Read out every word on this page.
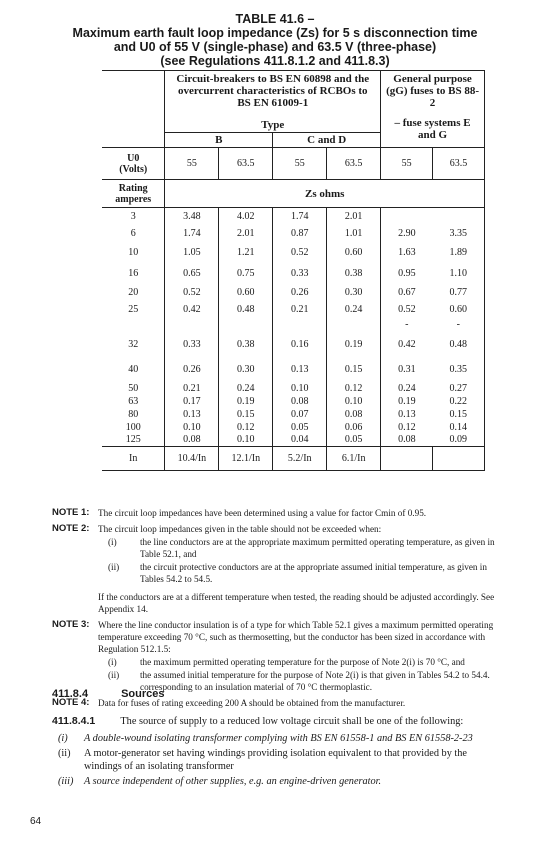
TABLE 41.6 –
Maximum earth fault loop impedance (Zs) for 5 s disconnection time
and U0 of 55 V (single-phase) and 63.5 V (three-phase)
(see Regulations 411.8.1.2 and 411.8.3)
	Circuit-breakers to BS EN 60898 and the overcurrent characteristics of RCBOs to BS EN 61009-1				General purpose (gG) fuses to BS 88-2
– fuse systems E and G	

	Type					
	B		C and D			

U0
(Volts)	55	63.5	55	63.5	55	63.5

Rating
amperes	Zs ohms					
3	3.48	4.02	1.74	2.01		
6	1.74	2.01	0.87	1.01	2.90	3.35
10	1.05	1.21	0.52	0.60	1.63	1.89
16	0.65	0.75	0.33	0.38	0.95	1.10
20	0.52	0.60	0.26	0.30	0.67	0.77
25	0.42	0.48	0.21	0.24	0.52	0.60
					-	-
32	0.33	0.38	0.16	0.19	0.42	0.48
40	0.26	0.30	0.13	0.15	0.31	0.35
50	0.21	0.24	0.10	0.12	0.24	0.27
63	0.17	0.19	0.08	0.10	0.19	0.22
80	0.13	0.15	0.07	0.08	0.13	0.15
100	0.10	0.12	0.05	0.06	0.12	0.14
125	0.08	0.10	0.04	0.05	0.08	0.09
In	10.4/In	12.1/In	5.2/In	6.1/In		
NOTE 1: The circuit loop impedances have been determined using a value for factor Cmin of 0.95.
NOTE 2: The circuit loop impedances given in the table should not be exceeded when:
(i)	the line conductors are at the appropriate maximum permitted operating temperature, as given in Table 52.1, and
(ii) the circuit protective conductors are at the appropriate assumed initial temperature, as given in Tables 54.2 to 54.5.
If the conductors are at a different temperature when tested, the reading should be adjusted accordingly. See Appendix 14.
NOTE 3: Where the line conductor insulation is of a type for which Table 52.1 gives a maximum permitted operating temperature exceeding 70 °C, such as thermosetting, but the conductor has been sized in accordance with Regulation 512.1.5:
(i)	the maximum permitted operating temperature for the purpose of Note 2(i) is 70 °C, and
(ii) the assumed initial temperature for the purpose of Note 2(i) is that given in Tables 54.2 to 54.4. corresponding to an insulation material of 70 °C thermoplastic.
NOTE 4: Data for fuses of rating exceeding 200 A should be obtained from the manufacturer.
411.8.4	Sources
411.8.4.1 The source of supply to a reduced low voltage circuit shall be one of the following:
(i) A double-wound isolating transformer complying with BS EN 61558-1 and BS EN 61558-2-23
(ii) A motor-generator set having windings providing isolation equivalent to that provided by the windings of an isolating transformer
(iii) A source independent of other supplies, e.g. an engine-driven generator.
64
